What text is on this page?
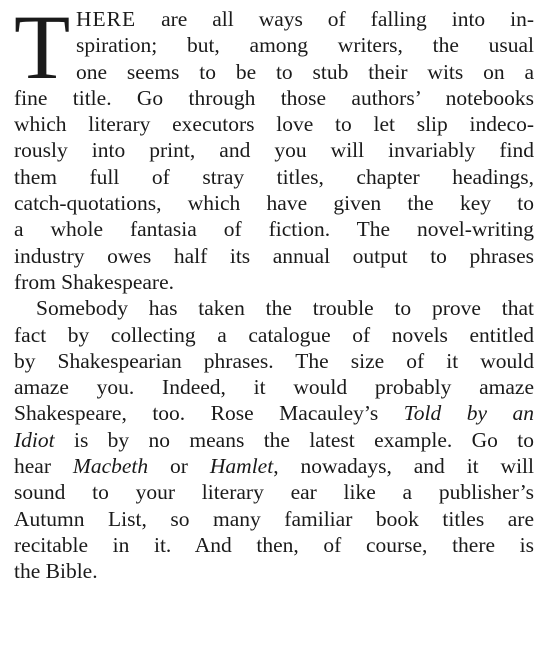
T HERE are all ways of falling into in-
spiration; but, among writers, the usual
one seems to be to stub their wits on a
fine title. Go through those authors’ notebooks
which literary executors love to let slip indeco-
rously into print, and you will invariably find
them full of stray titles, chapter headings,
catch-quotations, which have given the key to
a whole fantasia of fiction. The novel-writing
industry owes half its annual output to phrases
from Shakespeare.
Somebody has taken the trouble to prove that
fact by collecting a catalogue of novels entitled
by Shakespearian phrases. The size of it would
amaze you. Indeed, it would probably amaze
Shakespeare, too. Rose Macauley’s Told by an
Idiot is by no means the latest example. Go to
hear Macbeth or Hamlet, nowadays, and it will
sound to your literary ear like a publisher’s
Autumn List, so many familiar book titles are
recitable in it. And then, of course, there is
the Bible.
